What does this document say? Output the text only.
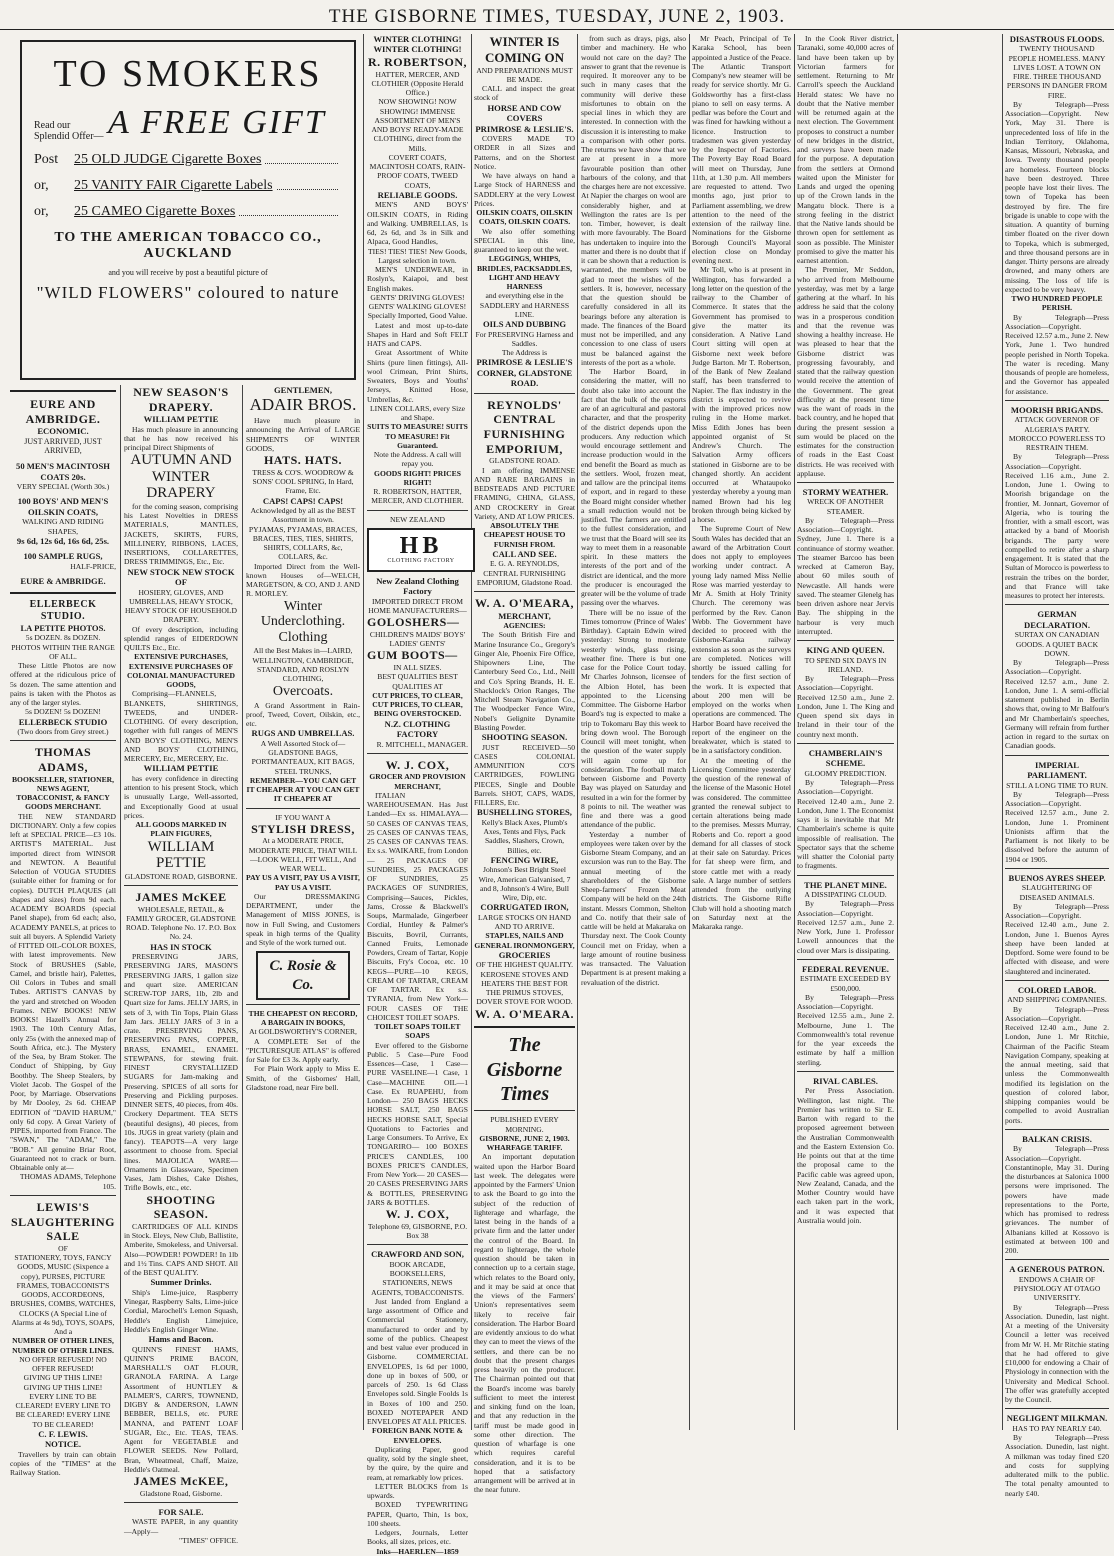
THE GISBORNE TIMES, TUESDAY, JUNE 2, 1903.
TO SMOKERS
Read our Splendid Offer— A FREE GIFT
Post	25 OLD JUDGE Cigarette Boxes
or,	25 VANITY FAIR Cigarette Labels
or,	25 CAMEO Cigarette Boxes
TO THE AMERICAN TOBACCO CO., AUCKLAND
and you will receive by post a beautiful picture of
"WILD FLOWERS" coloured to nature
EURE AND AMBRIDGE.
ECONOMIC.
JUST ARRIVED, JUST ARRIVED,
50 MEN'S MACINTOSH COATS 20s.
VERY SPECIAL (Worth 30s.)
100 BOYS' AND MEN'S OILSKIN COATS,
WALKING AND RIDING SHAPES,
9s 6d, 12s 6d, 16s 6d, 25s.
100 SAMPLE RUGS,
HALF-PRICE,
EURE & AMBRIDGE.
ELLERBECK STUDIO.
LA PETITE PHOTOS.
5s DOZEN. 8s DOZEN.
PHOTOS WITHIN THE RANGE OF ALL.
These Little Photos are now offered at the ridiculous price of 5s dozen. The same attention and pains is taken with the Photos as any of the larger styles.
5s DOZEN! 5s DOZEN!
ELLERBECK STUDIO
(Two doors from Grey street.)
THOMAS ADAMS,
BOOKSELLER, STATIONER, NEWS AGENT, TOBACCONIST, & FANCY GOODS MERCHANT.
THE NEW STANDARD DICTIONARY. Only a few copies left at SPECIAL PRICE—£3 10s. ARTIST'S MATERIAL. Just imported direct from WINSOR and NEWTON. A Beautiful Selection of VOUGA STUDIES (suitable either for framing or for copies). DUTCH PLAQUES (all shapes and sizes) from 9d each. ACADEMY BOARDS (special Panel shape), from 6d each; also, ACADEMY PANELS, at prices to suit all buyers. A Splendid Variety of FITTED OIL-COLOR BOXES, with latest improvements. New Stock of BRUSHES (Sable, Camel, and bristle hair), Palettes, Oil Colors in Tubes and small Tubes. ARTIST'S CANVAS by the yard and stretched on Wooden Frames. NEW BOOKS! NEW BOOKS! Hazell's Annual for 1903. The 10th Century Atlas, only 25s (with the annexed map of South Africa, etc.). The Mystery of the Sea, by Bram Stoker. The Conduct of Shipping, by Guy Boothby. The Sheep Stealers, by Violet Jacob. The Gospel of the Poor, by Marriage. Observations by Mr Dooley, 2s 6d. CHEAP EDITION of "DAVID HARUM," only 6d copy. A Great Variety of PIPES, imported from France. The "SWAN," The "ADAM," The "BOB." All genuine Briar Root, Guaranteed not to crack or burn. Obtainable only at—
THOMAS ADAMS, Telephone 105.
LEWIS'S SLAUGHTERING SALE
OF
STATIONERY, TOYS, FANCY GOODS, MUSIC (Sixpence a copy), PURSES, PICTURE FRAMES, TOBACCONIST'S GOODS, ACCORDEONS, BRUSHES, COMBS, WATCHES, CLOCKS (A Special Line of Alarms at 4s 9d), TOYS, SOAPS,
And a
NUMBER OF OTHER LINES, NUMBER OF OTHER LINES.
NO OFFER REFUSED! NO OFFER REFUSED!
GIVING UP THIS LINE! GIVING UP THIS LINE!
EVERY LINE TO BE CLEARED! EVERY LINE TO BE CLEARED! EVERY LINE TO BE CLEARED!
C. F. LEWIS.
NOTICE.
Travellers by train can obtain copies of the "TIMES" at the Railway Station.
NEW SEASON'S DRAPERY.
WILLIAM PETTIE
Has much pleasure in announcing that he has now received his principal Direct Shipments of
AUTUMN AND WINTER DRAPERY
for the coming season, comprising his Latest Novelties in DRESS MATERIALS, MANTLES, JACKETS, SKIRTS, FURS, MILLINERY, RIBBONS, LACES, INSERTIONS, COLLARETTES, DRESS TRIMMINGS, Etc., Etc.
NEW STOCK NEW STOCK OF
HOSIERY, GLOVES, AND UMBRELLAS, HEAVY STOCK, HEAVY STOCK OF HOUSEHOLD DRAPERY.
Of every description, including splendid ranges of EIDERDOWN QUILTS Etc., Etc.
EXTENSIVE PURCHASES, EXTENSIVE PURCHASES OF COLONIAL MANUFACTURED GOODS,
Comprising—FLANNELS, BLANKETS, SHIRTINGS, TWEEDS, and UNDER-CLOTHING. Of every description, together with full ranges of MEN'S AND BOYS' CLOTHING, MEN'S AND BOYS' CLOTHING, MERCERY, Etc, MERCERY, Etc.
WILLIAM PETTIE
has every confidence in directing attention to his present Stock, which is unusually Large, Well-assorted, and Exceptionally Good at usual prices.
ALL GOODS MARKED IN PLAIN FIGURES,
WILLIAM PETTIE
GLADSTONE ROAD, GISBORNE.
JAMES McKEE
WHOLESALE, RETAIL, & FAMILY GROCER, GLADSTONE ROAD. Telephone No. 17. P.O. Box No. 24.
HAS IN STOCK
PRESERVING JARS, PRESERVING JARS, MASON'S PRESERVING JARS, 1 gallon size and quart size. AMERICAN SCREW-TOP JARS, 1lb, 2lb and Quart size for Jams. JELLY JARS, in sets of 3, with Tin Tops, Plain Glass Jam Jars. JELLY JARS of 3 in a crate. PRESERVING PANS, PRESERVING PANS, COPPER, BRASS, ENAMEL, ENAMEL STEWPANS, for stewing fruit. FINEST CRYSTALLIZED SUGARS for Jam-making and Preserving. SPICES of all sorts for Preserving and Pickling purposes. DINNER SETS, 40 pieces, from 40s. Crockery Department. TEA SETS (beautiful designs), 40 pieces, from 10s. JUGS in great variety (plain and fancy). TEAPOTS—A very large assortment to choose from. Special lines. MAJOLICA WARE—Ornaments in Glassware, Specimen Vases, Jam Dishes, Cake Dishes, Trifle Bowls, etc., etc.
SHOOTING SEASON.
CARTRIDGES OF ALL KINDS in Stock. Eleys, New Club, Ballistite, Amberite, Smokeless, and Universal. Also—POWDER! POWDER! In 1lb and 1½ Tins. CAPS AND SHOT. All of the BEST QUALITY.
Summer Drinks.
Ship's Lime-juice, Raspberry Vinegar, Raspberry Salts, Lime-juice Cordial, Marochell's Lemon Squash, Heddle's English Limejuice, Heddle's English Ginger Wine.
Hams and Bacon.
QUINN'S FINEST HAMS, QUINN'S PRIME BACON, MARSHALL'S OAT FLOUR, GRANOLA FARINA. A Large Assortment of HUNTLEY & PALMER'S, CARR'S, TOWNEND, DIGBY & ANDERSON, LAWN BEBBER, BELLS, etc. PURE MANNA, and PATENT LOAF SUGAR, Etc., Etc. TEAS, TEAS. Agent for VEGETABLE and FLOWER SEEDS. New Pollard, Bran, Wheatmeal, Chaff, Maize, Heddle's Oatmeal.
JAMES McKEE,
Gladstone Road, Gisborne.
FOR SALE.
WASTE PAPER, in any quantity—Apply—
"TIMES" OFFICE.
GENTLEMEN,
ADAIR BROS.
Have much pleasure in announcing the Arrival of LARGE SHIPMENTS OF WINTER GOODS,
HATS. HATS.
TRESS & CO'S. WOODROW & SONS' COOL SPRING, In Hard, Frame, Etc.
CAPS! CAPS! CAPS!
Acknowledged by all as the BEST Assortment in town.
PYJAMAS, PYJAMAS, BRACES, BRACES, TIES, TIES, SHIRTS, SHIRTS, COLLARS, &c, COLLARS, &c.
Imported Direct from the Well-known Houses of—WELCH, MARGETSON, & CO, AND J. AND R. MORLEY.
Winter Underclothing.
Clothing
All the Best Makes in—LAIRD, WELLINGTON, CAMBRIDGE, STANDARD, AND ROSLYN CLOTHING,
Overcoats.
A Grand Assortment in Rain-proof, Tweed, Covert, Oilskin, etc., etc.
RUGS AND UMBRELLAS.
A Well Assorted Stock of—GLADSTONE BAGS, PORTMANTEAUX, KIT BAGS, STEEL TRUNKS,
REMEMBER—YOU CAN GET IT CHEAPER AT YOU CAN GET IT CHEAPER AT
IF YOU WANT A
STYLISH DRESS,
At a MODERATE PRICE, MODERATE PRICE, THAT WILL—LOOK WELL, FIT WELL, And WEAR WELL.
PAY US A VISIT, PAY US A VISIT, PAY US A VISIT.
Our DRESSMAKING DEPARTMENT, under the Management of MISS JONES, is now in Full Swing, and Customers speak in high terms of the Quality and Style of the work turned out.
C. Rosie & Co.
THE CHEAPEST ON RECORD,
A BARGAIN IN BOOKS,
At GOLDSWORTHY'S CORNER,
A COMPLETE Set of the "PICTURESQUE ATLAS" is offered for Sale for £3 3s. Apply early.
For Plain Work apply to Miss E. Smith, of the Gisbornes' Hall, Gladstone road, near Fire bell.
WINTER CLOTHING! WINTER CLOTHING!
R. ROBERTSON,
HATTER, MERCER, AND CLOTHIER (Opposite Herald Office.)
NOW SHOWING! NOW SHOWING! IMMENSE ASSORTMENT OF MEN'S AND BOYS' READY-MADE CLOTHING, direct from the Mills.
COVERT COATS, MACINTOSH COATS, RAIN-PROOF COATS, TWEED COATS,
RELIABLE GOODS.
MEN'S AND BOYS' OILSKIN COATS, in Riding and Walking. UMBRELLAS, 1s 6d, 2s 6d, and 3s in Silk and Alpaca, Good Handles,
TIES! TIES! TIES! New Goods, Largest selection in town.
MEN'S UNDERWEAR, in Roslyn's, Kaiapoi, and best English makes.
GENTS' DRIVING GLOVES! GENTS' WALKING GLOVES! Specially Imported, Good Value.
Latest and most up-to-date Shapes in Hard and Soft FELT HATS and CAPS.
Great Assortment of White Shirts (pure linen fittings), All-wool Crimean, Print Shirts, Sweaters, Boys and Youths' Jerseys, Knitted Hose, Umbrellas, &c.
LINEN COLLARS, every Size and Shape.
SUITS TO MEASURE! SUITS TO MEASURE! Fit Guaranteed.
Note the Address. A call will repay you.
GOODS RIGHT! PRICES RIGHT!
R. ROBERTSON, HATTER, MERCER, AND CLOTHIER.
NEW ZEALAND
HB
CLOTHING FACTORY
New Zealand Clothing Factory
IMPORTED DIRECT FROM HOME MANUFACTURERS—
GOLOSHERS—
CHILDREN'S MAIDS' BOYS' LADIES' GENTS'
GUM BOOTS—
IN ALL SIZES.
BEST QUALITIES BEST QUALITIES AT
CUT PRICES, TO CLEAR, CUT PRICES, TO CLEAR, BEING OVERSTOCKED.
N.Z. CLOTHING FACTORY
R. MITCHELL, MANAGER.
W. J. COX,
GROCER AND PROVISION MERCHANT,
ITALIAN WAREHOUSEMAN. Has Just Landed—Ex ss. HIMALAYA— 50 CASES OF CANVAS TEAS, 25 CASES OF CANVAS TEAS, 25 CASES OF CANVAS TEAS. Ex s.s. WAIKARE, from London— 25 PACKAGES OF SUNDRIES, 25 PACKAGES OF SUNDRIES, 25 PACKAGES OF SUNDRIES, Comprising—Sauces, Pickles, Jams, Crosse & Blackwell's Soups, Marmalade, Gingerbeer Cordial, Huntley & Palmer's Biscuits, Bovril, Currants, Canned Fruits, Lemonade Powders, Cream of Tartar, Kopje Biscuits, Fry's Cocoa, etc. 10 KEGS—PURE—10 KEGS, CREAM OF TARTAR, CREAM OF TARTAR. Ex s.s. TYRANIA, from New York— FOUR CASES OF THE CHOICEST TOILET SOAPS.
TOILET SOAPS TOILET SOAPS
Ever offered to the Gisborne Public. 5 Case—Pure Food Essences—Case, 1 Case—PURE VASELINE—1 Case, 1 Case—MACHINE OIL—1 Case. Ex RUAPEHU, from London— 250 BAGS HECKS HORSE SALT, 250 BAGS HECKS HORSE SALT, Special Quotations to Factories and Large Consumers. To Arrive, Ex TONGARIRO— 100 BOXES PRICE'S CANDLES, 100 BOXES PRICE'S CANDLES, From New York— 20 CASES—20 CASES PRESERVING JARS & BOTTLES, PRESERVING JARS & BOTTLES.
W. J. COX,
Telephone 69, GISBORNE, P.O. Box 38
CRAWFORD AND SON,
BOOK ARCADE,
BOOKSELLERS, STATIONERS, NEWS AGENTS, TOBACCONISTS.
Just landed from England a large assortment of Office and Commercial Stationery, manufactured to order and by some of the publics. Cheapest and best value ever produced in Gisborne. COMMERCIAL ENVELOPES, 1s 6d per 1000, done up in boxes of 500, or parcels of 250. 1s 6d Class Envelopes sold. Single Foolds 1s in Boxes of 100 and 250. BOXED NOTEPAPER AND ENVELOPES AT ALL PRICES.
FOREIGN BANK NOTE & ENVELOPES.
Duplicating Paper, good quality, sold by the single sheet, by the quire, by the quire and ream, at remarkably low prices.
LETTER BLOCKS from 1s upwards.
BOXED TYPEWRITING PAPER, Quarto, Thin, 1s box, 100 sheets.
Ledgers, Journals, Letter Books, all sizes, prices, etc.
Inks—HAERLEN—1859
WINTER IS COMING ON
AND PREPARATIONS MUST BE MADE.
CALL and inspect the great stock of
HORSE AND COW COVERS
PRIMROSE & LESLIE'S.
COVERS MADE TO ORDER in all Sizes and Patterns, and on the Shortest Notice.
We have always on hand a Large Stock of HARNESS and SADDLERY at the very Lowest Prices.
OILSKIN COATS, OILSKIN COATS, OILSKIN COATS.
We also offer something SPECIAL in this line, guaranteed to keep out the wet.
LEGGINGS, WHIPS, BRIDLES, PACKSADDLES, LIGHT AND HEAVY HARNESS
and everything else in the SADDLERY and HARNESS LINE.
OILS AND DUBBING
For PRESERVING Harness and Saddles.
The Address is
PRIMROSE & LESLIE'S CORNER, GLADSTONE ROAD.
REYNOLDS' CENTRAL FURNISHING EMPORIUM,
GLADSTONE ROAD.
I am offering IMMENSE AND RARE BARGAINS in BEDSTEADS AND PICTURE FRAMING, CHINA, GLASS, AND CROCKERY in Great Variety, AND AT LOW PRICES.
ABSOLUTELY THE CHEAPEST HOUSE TO FURNISH FROM.
CALL AND SEE.
E. G. A. REYNOLDS, CENTRAL FURNISHING EMPORIUM, Gladstone Road.
W. A. O'MEARA,
MERCHANT,
AGENCIES:
The South British Fire and Marine Insurance Co., Gregory's Ginger Ale, Phoenix Fire Office, Shipowners Line, The Canterbury Seed Co., Ltd., Neill and Co's Spring Brands, H. E. Shacklock's Orion Ranges, The Mitchell Steam Navigation Co., The Woodpecker Fence Wire, Nobel's Gelignite Dynamite Blasting Powder.
SHOOTING SEASON.
JUST RECEIVED—50 CASES COLONIAL AMMUNITION CO'S CARTRIDGES, FOWLING PIECES, Single and Double Barrels. SHOT, CAPS, WADS, FILLERS, Etc.
BUSHELLING STORES,
Kelly's Black Axes, Plumb's Axes, Tents and Flys, Pack Saddles, Slashers, Crown, Billies, etc.
FENCING WIRE,
Johnson's Best Bright Steel Wire, American Galvanised, 7 and 8, Johnson's 4 Wire, Bull Wire, Dip, etc.
CORRUGATED IRON,
LARGE STOCKS ON HAND AND TO ARRIVE.
STAPLES, NAILS AND GENERAL IRONMONGERY,
GROCERIES
OF THE HIGHEST QUALITY.
KEROSENE STOVES AND HEATERS THE BEST FOR THE PRIMUS STOVES, DOVER STOVE FOR WOOD.
W. A. O'MEARA.
The Gisborne Times
PUBLISHED EVERY MORNING.
GISBORNE, JUNE 2, 1903.
WHARFAGE TARIFF.
An important deputation waited upon the Harbor Board last week. The delegates were appointed by the Farmers' Union to ask the Board to go into the subject of the reduction of lighterage and wharfage, the latest being in the hands of a private firm and the latter under the control of the Board. In regard to lighterage, the whole question should be taken in connection up to a certain stage, which relates to the Board only, and it may be said at once that the views of the Farmers' Union's representatives seem likely to receive fair consideration. The Harbor Board are evidently anxious to do what they can to meet the views of the settlers, and there can be no doubt that the present charges press heavily on the producer. The Chairman pointed out that the Board's income was barely sufficient to meet the interest and sinking fund on the loan, and that any reduction in the tariff must be made good in some other direction. The question of wharfage is one which requires careful consideration, and it is to be hoped that a satisfactory arrangement will be arrived at in the near future.
from such as drays, pigs, also timber and machinery. He who would not care on the day? The answer to grant that the revenue is required. It moreover any to be such in many cases that the community will derive these misfortunes to obtain on the special lines in which they are interested. In connection with the discussion it is interesting to make a comparison with other ports. The returns we have show that we are at present in a more favourable position than other harbours of the colony, and that the charges here are not excessive. At Napier the charges on wool are considerably higher, and at Wellington the rates are 1s per ton. Timber, however, is dealt with more favourably. The Board has undertaken to inquire into the matter and there is no doubt that if it can be shown that a reduction is warranted, the members will be glad to meet the wishes of the settlers. It is, however, necessary that the question should be carefully considered in all its bearings before any alteration is made. The finances of the Board must not be imperilled, and any concession to one class of users must be balanced against the interests of the port as a whole.
The Harbor Board, in considering the matter, will no doubt also take into account the fact that the bulk of the exports are of an agricultural and pastoral character, and that the prosperity of the district depends upon the producers. Any reduction which would encourage settlement and increase production would in the end benefit the Board as much as the settlers. Wool, frozen meat, and tallow are the principal items of export, and in regard to these the Board might consider whether a small reduction would not be justified. The farmers are entitled to the fullest consideration, and we trust that the Board will see its way to meet them in a reasonable spirit. In these matters the interests of the port and of the district are identical, and the more the producer is encouraged the greater will be the volume of trade passing over the wharves.
There will be no issue of the Times tomorrow (Prince of Wales' Birthday). Captain Edwin wired yesterday: Strong to moderate westerly winds, glass rising, weather fine. There is but one case for the Police Court today. Mr Charles Johnson, licensee of the Albion Hotel, has been appointed to the Licensing Committee. The Gisborne Harbor Board's tug is expected to make a trip to Tokomaru Bay this week to bring down wool. The Borough Council will meet tonight, when the question of the water supply will again come up for consideration. The football match between Gisborne and Poverty Bay was played on Saturday and resulted in a win for the former by 8 points to nil. The weather was fine and there was a good attendance of the public.
Yesterday a number of employees were taken over by the Gisborne Steam Company, and an excursion was run to the Bay. The annual meeting of the shareholders of the Gisborne Sheep-farmers' Frozen Meat Company will be held on the 24th instant. Messrs Common, Shelton and Co. notify that their sale of cattle will be held at Makaraka on Thursday next. The Cook County Council met on Friday, when a large amount of routine business was transacted. The Valuation Department is at present making a revaluation of the district.
Mr Peach, Principal of Te Karaka School, has been appointed a Justice of the Peace. The Atlantic Transport Company's new steamer will be ready for service shortly. Mr G. Goldsworthy has a first-class piano to sell on easy terms. A pedlar was before the Court and was fined for hawking without a licence. Instruction to tradesmen was given yesterday by the Inspector of Factories. The Poverty Bay Road Board will meet on Thursday, June 11th, at 1.30 p.m. All members are requested to attend. Two months ago, just prior to Parliament assembling, we drew attention to the need of the extension of the railway line. Nominations for the Gisborne Borough Council's Mayoral election close on Monday evening next.
Mr Toll, who is at present in Wellington, has forwarded a long letter on the question of the railway to the Chamber of Commerce. It states that the Government has promised to give the matter its consideration. A Native Land Court sitting will open at Gisborne next week before Judge Barton. Mr T. Robertson, of the Bank of New Zealand staff, has been transferred to Napier. The flax industry in the district is expected to revive with the improved prices now ruling in the Home market. Miss Edith Jones has been appointed organist of St Andrew's Church. The Salvation Army officers stationed in Gisborne are to be changed shortly. An accident occurred at Whataupoko yesterday whereby a young man named Brown had his leg broken through being kicked by a horse.
The Supreme Court of New South Wales has decided that an award of the Arbitration Court does not apply to employees working under contract. A young lady named Miss Nellie Rose was married yesterday to Mr A. Smith at Holy Trinity Church. The ceremony was performed by the Rev. Canon Webb. The Government have decided to proceed with the Gisborne-Karaka railway extension as soon as the surveys are completed. Notices will shortly be issued calling for tenders for the first section of the work. It is expected that about 200 men will be employed on the works when operations are commenced. The Harbor Board have received the report of the engineer on the breakwater, which is stated to be in a satisfactory condition.
At the meeting of the Licensing Committee yesterday the question of the renewal of the license of the Masonic Hotel was considered. The committee granted the renewal subject to certain alterations being made to the premises. Messrs Murray, Roberts and Co. report a good demand for all classes of stock at their sale on Saturday. Prices for fat sheep were firm, and store cattle met with a ready sale. A large number of settlers attended from the outlying districts. The Gisborne Rifle Club will hold a shooting match on Saturday next at the Makaraka range.
In the Cook River district, Taranaki, some 40,000 acres of land have been taken up by Victorian farmers for settlement. Returning to Mr Carroll's speech the Auckland Herald states: We have no doubt that the Native member will be returned again at the next election. The Government proposes to construct a number of new bridges in the district, and surveys have been made for the purpose. A deputation from the settlers at Ormond waited upon the Minister for Lands and urged the opening up of the Crown lands in the Mangatu block. There is a strong feeling in the district that the Native lands should be thrown open for settlement as soon as possible. The Minister promised to give the matter his earnest attention.
The Premier, Mr Seddon, who arrived from Melbourne yesterday, was met by a large gathering at the wharf. In his address he said that the colony was in a prosperous condition and that the revenue was showing a healthy increase. He was pleased to hear that the Gisborne district was progressing favourably, and stated that the railway question would receive the attention of the Government. The great difficulty at the present time was the want of roads in the back country, and he hoped that during the present session a sum would be placed on the estimates for the construction of roads in the East Coast districts. He was received with applause.
STORMY WEATHER.
WRECK OF ANOTHER STEAMER.
By Telegraph—Press Association—Copyright. Sydney, June 1. There is a continuance of stormy weather. The steamer Barcoo has been wrecked at Cameron Bay, about 60 miles south of Newcastle. All hands were saved. The steamer Glenelg has been driven ashore near Jervis Bay. The shipping in the harbour is very much interrupted.
KING AND QUEEN.
TO SPEND SIX DAYS IN IRELAND.
By Telegraph—Press Association—Copyright. Received 12.50 a.m., June 2. London, June 1. The King and Queen spend six days in Ireland in their tour of the country next month.
CHAMBERLAIN'S SCHEME.
GLOOMY PREDICTION.
By Telegraph—Press Association—Copyright. Received 12.40 a.m., June 2. London, June 1. The Economist says it is inevitable that Mr Chamberlain's scheme is quite impossible of realisation. The Spectator says that the scheme will shatter the Colonial party to fragments.
THE PLANET MINE.
A DISSIPATING CLOUD.
By Telegraph—Press Association—Copyright. Received 12.57 a.m., June 2. New York, June 1. Professor Lowell announces that the cloud over Mars is dissipating.
FEDERAL REVENUE.
ESTIMATE EXCEEDED BY £500,000.
By Telegraph—Press Association—Copyright. Received 12.55 a.m., June 2. Melbourne, June 1. The Commonwealth's total revenue for the year exceeds the estimate by half a million sterling.
RIVAL CABLES.
Per Press Association. Wellington, last night. The Premier has written to Sir E. Barton with regard to the proposed agreement between the Australian Commonwealth and the Eastern Extension Co. He points out that at the time the proposal came to the Pacific cable was agreed upon, New Zealand, Canada, and the Mother Country would have each taken part in the work, and it was expected that Australia would join.
DISASTROUS FLOODS.
TWENTY THOUSAND PEOPLE HOMELESS. MANY LIVES LOST. A TOWN ON FIRE. THREE THOUSAND PERSONS IN DANGER FROM FIRE.
By Telegraph—Press Association—Copyright. New York, May 31. There is unprecedented loss of life in the Indian Territory, Oklahoma, Kansas, Missouri, Nebraska, and Iowa. Twenty thousand people are homeless. Fourteen blocks have been destroyed. Three people have lost their lives. The town of Topeka has been destroyed by fire. The fire brigade is unable to cope with the situation. A quantity of burning timber floated on the river down to Topeka, which is submerged, and three thousand persons are in danger. Thirty persons are already drowned, and many others are missing. The loss of life is expected to be very heavy.
TWO HUNDRED PEOPLE PERISH.
By Telegraph—Press Association—Copyright. Received 12.57 a.m., June 2. New York, June 1. Two hundred people perished in North Topeka. The water is receding. Many thousands of people are homeless, and the Governor has appealed for assistance.
MOORISH BRIGANDS.
ATTACK GOVERNOR OF ALGERIA'S PARTY. MOROCCO POWERLESS TO RESTRAIN THEM.
By Telegraph—Press Association—Copyright. Received 1.16 a.m., June 2. London, June 1. Owing to Moorish brigandage on the frontier, M. Jonnart, Governor of Algeria, who is touring the frontier, with a small escort, was attacked by a band of Moorish brigands. The party were compelled to retire after a sharp engagement. It is stated that the Sultan of Morocco is powerless to restrain the tribes on the border, and that France will take measures to protect her interests.
GERMAN DECLARATION.
SURTAX ON CANADIAN GOODS. A QUIET BACK DOWN.
By Telegraph—Press Association—Copyright. Received 12.57 a.m., June 2. London, June 1. A semi-official statement published in Berlin shows that, owing to Mr Balfour's and Mr Chamberlain's speeches, Germany will refrain from further action in regard to the surtax on Canadian goods.
IMPERIAL PARLIAMENT.
STILL A LONG TIME TO RUN.
By Telegraph—Press Association—Copyright. Received 12.57 a.m., June 2. London, June 1. Prominent Unionists affirm that the Parliament is not likely to be dissolved before the autumn of 1904 or 1905.
BUENOS AYRES SHEEP.
SLAUGHTERING OF DISEASED ANIMALS.
By Telegraph—Press Association—Copyright. Received 12.40 a.m., June 2. London, June 1. Buenos Ayres sheep have been landed at Deptford. Some were found to be affected with disease, and were slaughtered and incinerated.
COLORED LABOR.
AND SHIPPING COMPANIES.
By Telegraph—Press Association—Copyright. Received 12.40 a.m., June 2. London, June 1. Mr Ritchie, Chairman of the Pacific Steam Navigation Company, speaking at the annual meeting, said that unless the Commonwealth modified its legislation on the question of colored labor, shipping companies would be compelled to avoid Australian ports.
BALKAN CRISIS.
By Telegraph—Press Association—Copyright. Constantinople, May 31. During the disturbances at Salonica 1000 persons were imprisoned. The powers have made representations to the Porte, which has promised to redress grievances. The number of Albanians killed at Kossovo is estimated at between 100 and 200.
A GENEROUS PATRON.
ENDOWS A CHAIR OF PHYSIOLOGY AT OTAGO UNIVERSITY.
By Telegraph—Press Association. Dunedin, last night. At a meeting of the University Council a letter was received from Mr W. H. Mr Ritchie stating that he had offered to give £10,000 for endowing a Chair of Physiology in connection with the University and Medical School. The offer was gratefully accepted by the Council.
NEGLIGENT MILKMAN.
HAS TO PAY NEARLY £40.
By Telegraph—Press Association. Dunedin, last night. A milkman was today fined £20 and costs for supplying adulterated milk to the public. The total penalty amounted to nearly £40.
